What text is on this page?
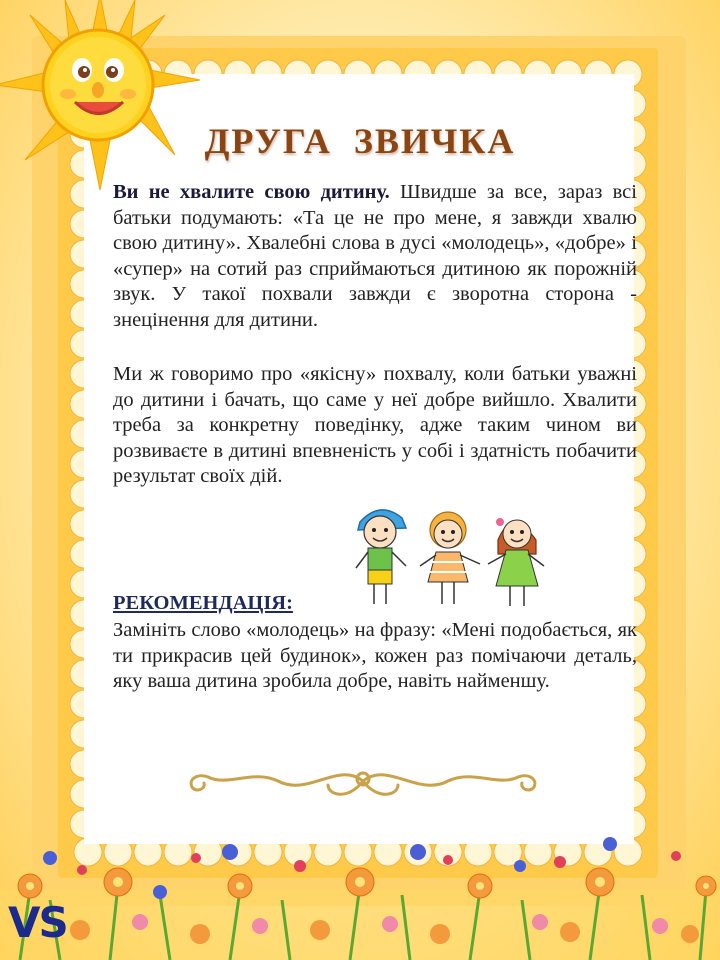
ДРУГА  ЗВИЧКА
Ви не хвалите свою дитину. Швидше за все, зараз всі батьки подумають: «Та це не про мене, я завжди хвалю свою дитину». Хвалебні слова в дусі «молодець», «добре» і «супер» на сотий раз сприймаються дитиною як порожній звук. У такої похвали завжди є зворотна сторона - знецінення для дитини.
Ми ж говоримо про «якісну» похвалу, коли батьки уважні до дитини і бачать, що саме у неї добре вийшло. Хвалити треба за конкретну поведінку, адже таким чином ви розвиваєте в дитині впевненість у собі і здатність побачити результат своїх дій.
РЕКОМЕНДАЦІЯ:
Замініть слово «молодець» на фразу: «Мені подобається, як ти прикрасив цей будинок», кожен раз помічаючи деталь, яку ваша дитина зробила добре, навіть найменшу.
VS
